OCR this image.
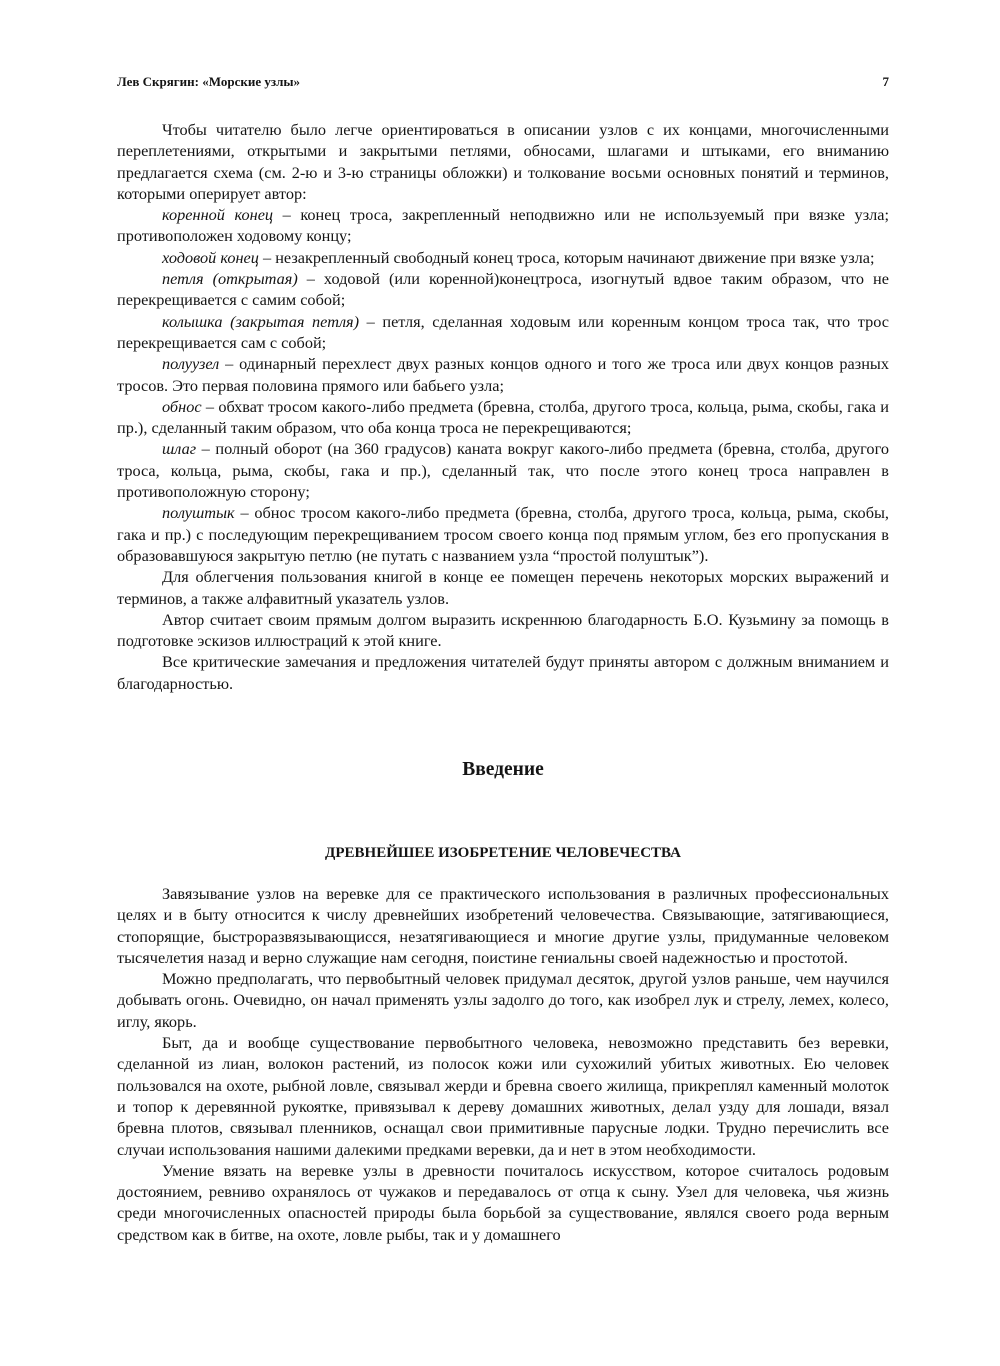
Лев Скрягин: «Морские узлы»	7

Чтобы читателю было легче ориентироваться в описании узлов с их концами, многочисленными переплетениями, открытыми и закрытыми петлями, обносами, шлагами и штыками, его вниманию предлагается схема (см. 2-ю и 3-ю страницы обложки) и толкование восьми основных понятий и терминов, которыми оперирует автор:

коренной конец – конец троса, закрепленный неподвижно или не используемый при вязке узла; противоположен ходовому концу;

ходовой конец – незакрепленный свободный конец троса, которым начинают движение при вязке узла;

петля (открытая) – ходовой (или коренной)конецтроса, изогнутый вдвое таким образом, что не перекрещивается с самим собой;

колышка (закрытая петля) – петля, сделанная ходовым или коренным концом троса так, что трос перекрещивается сам с собой;

полуузел – одинарный перехлест двух разных концов одного и того же троса или двух концов разных тросов. Это первая половина прямого или бабьего узла;

обнос – обхват тросом какого-либо предмета (бревна, столба, другого троса, кольца, рыма, скобы, гака и пр.), сделанный таким образом, что оба конца троса не перекрещиваются;

шлаг – полный оборот (на 360 градусов) каната вокруг какого-либо предмета (бревна, столба, другого троса, кольца, рыма, скобы, гака и пр.), сделанный так, что после этого конец троса направлен в противоположную сторону;

полуштык – обнос тросом какого-либо предмета (бревна, столба, другого троса, кольца, рыма, скобы, гака и пр.) с последующим перекрещиванием тросом своего конца под прямым углом, без его пропускания в образовавшуюся закрытую петлю (не путать с названием узла “простой полуштык”).

Для облегчения пользования книгой в конце ее помещен перечень некоторых морских выражений и терминов, а также алфавитный указатель узлов.

Автор считает своим прямым долгом выразить искреннюю благодарность Б.О. Кузьмину за помощь в подготовке эскизов иллюстраций к этой книге.

Все критические замечания и предложения читателей будут приняты автором с должным вниманием и благодарностью.

Введение
ДРЕВНЕЙШЕЕ ИЗОБРЕТЕНИЕ ЧЕЛОВЕЧЕСТВА

Завязывание узлов на веревке для се практического использования в различных профессиональных целях и в быту относится к числу древнейших изобретений человечества. Связывающие, затягивающиеся, стопорящие, быстроразвязывающисся, незатягивающиеся и многие другие узлы, придуманные человеком тысячелетия назад и верно служащие нам сегодня, поистине гениальны своей надежностью и простотой.

Можно предполагать, что первобытный человек придумал десяток, другой узлов раньше, чем научился добывать огонь. Очевидно, он начал применять узлы задолго до того, как изобрел лук и стрелу, лемех, колесо, иглу, якорь.

Быт, да и вообще существование первобытного человека, невозможно представить без веревки, сделанной из лиан, волокон растений, из полосок кожи или сухожилий убитых животных. Ею человек пользовался на охоте, рыбной ловле, связывал жерди и бревна своего жилища, прикреплял каменный молоток и топор к деревянной рукоятке, привязывал к дереву домашних животных, делал узду для лошади, вязал бревна плотов, связывал пленников, оснащал свои примитивные парусные лодки. Трудно перечислить все случаи использования нашими далекими предками веревки, да и нет в этом необходимости.

Умение вязать на веревке узлы в древности почиталось искусством, которое считалось родовым достоянием, ревниво охранялось от чужаков и передавалось от отца к сыну. Узел для человека, чья жизнь среди многочисленных опасностей природы была борьбой за существование, являлся своего рода верным средством как в битве, на охоте, ловле рыбы, так и у домашнего
